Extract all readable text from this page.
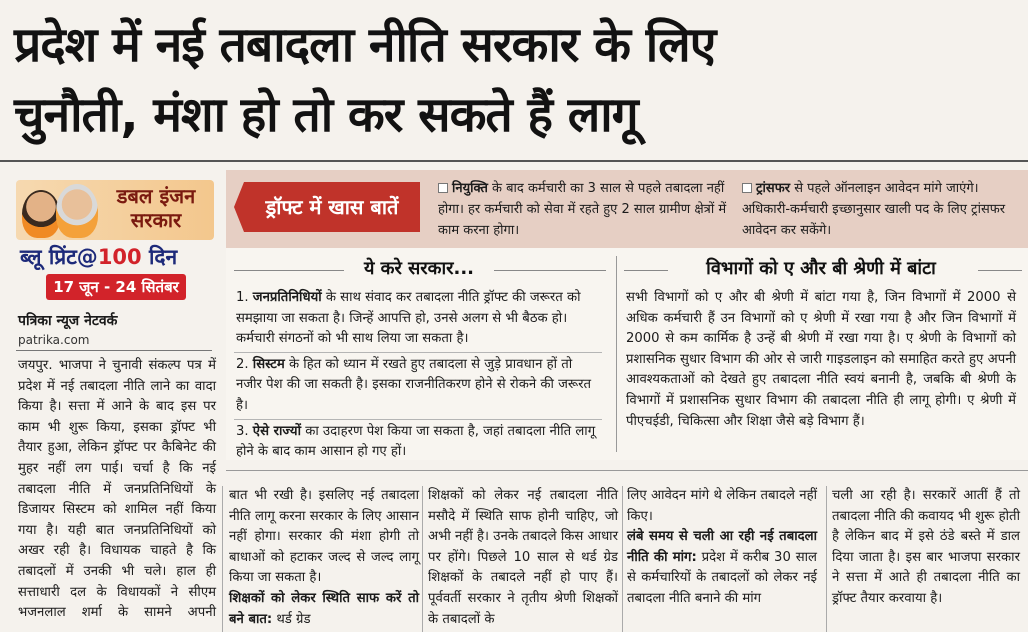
प्रदेश में नई तबादला नीति सरकार के लिए
चुनौती, मंशा हो तो कर सकते हैं लागू
डबल इंजन
सरकार
ब्लू प्रिंट@100 दिन
17 जून - 24 सितंबर
पत्रिका न्यूज नेटवर्क
patrika.com

जयपुर. भाजपा ने चुनावी संकल्प पत्र में प्रदेश में नई तबादला नीति लाने का वादा किया है। सत्ता में आने के बाद इस पर काम भी शुरू किया, इसका ड्रॉफ्ट भी तैयार हुआ, लेकिन ड्रॉफ्ट पर कैबिनेट की मुहर नहीं लग पाई। चर्चा है कि नई तबादला नीति में जनप्रतिनिधियों के डिजायर सिस्टम को शामिल नहीं किया गया है। यही बात जनप्रतिनिधियों को अखर रही है। विधायक चाहते है कि तबादलों में उनकी भी चले। हाल ही सत्ताधारी दल के विधायकों ने सीएम भजनलाल शर्मा के सामने अपनी

ड्रॉफ्ट में खास बातें
नियुक्ति के बाद कर्मचारी का 3 साल से पहले तबादला नहीं होगा। हर कर्मचारी को सेवा में रहते हुए 2 साल ग्रामीण क्षेत्रों में काम करना होगा।
ट्रांसफर से पहले ऑनलाइन आवेदन मांगे जाएंगे। अधिकारी-कर्मचारी इच्छानुसार खाली पद के लिए ट्रांसफर आवेदन कर सकेंगे।
ये करे सरकार...	विभागों को ए और बी श्रेणी में बांटा
1. जनप्रतिनिधियों के साथ संवाद कर तबादला नीति ड्रॉफ्ट की जरूरत को समझाया जा सकता है। जिन्हें आपत्ति हो, उनसे अलग से भी बैठक हो। कर्मचारी संगठनों को भी साथ लिया जा सकता है।
2. सिस्टम के हित को ध्यान में रखते हुए तबादला से जुड़े प्रावधान हों तो नजीर पेश की जा सकती है। इसका राजनीतिकरण होने से रोकने की जरूरत है।
3. ऐसे राज्यों का उदाहरण पेश किया जा सकता है, जहां तबादला नीति लागू होने के बाद काम आसान हो गए हों।
सभी विभागों को ए और बी श्रेणी में बांटा गया है, जिन विभागों में 2000 से अधिक कर्मचारी हैं उन विभागों को ए श्रेणी में रखा गया है और जिन विभागों में 2000 से कम कार्मिक है उन्हें बी श्रेणी में रखा गया है। ए श्रेणी के विभागों को प्रशासनिक सुधार विभाग की ओर से जारी गाइडलाइन को समाहित करते हुए अपनी आवश्यकताओं को देखते हुए तबादला नीति स्वयं बनानी है, जबकि बी श्रेणी के विभागों में प्रशासनिक सुधार विभाग की तबादला नीति ही लागू होगी। ए श्रेणी में पीएचईडी, चिकित्सा और शिक्षा जैसे बड़े विभाग हैं।
बात भी रखी है। इसलिए नई तबादला नीति लागू करना सरकार के लिए आसान नहीं होगा। सरकार की मंशा होगी तो बाधाओं को हटाकर जल्द से जल्द लागू किया जा सकता है।
शिक्षकों को लेकर स्थिति साफ करें तो बने बात: थर्ड ग्रेड
शिक्षकों को लेकर नई तबादला नीति मसौदे में स्थिति साफ होनी चाहिए, जो अभी नहीं है। उनके तबादले किस आधार पर होंगे। पिछले 10 साल से थर्ड ग्रेड शिक्षकों के तबादले नहीं हो पाए हैं। पूर्ववर्ती सरकार ने तृतीय श्रेणी शिक्षकों के तबादलों के
लिए आवेदन मांगे थे लेकिन तबादले नहीं किए।
लंबे समय से चली आ रही नई तबादला नीति की मांग: प्रदेश में करीब 30 साल से कर्मचारियों के तबादलों को लेकर नई तबादला नीति बनाने की मांग
चली आ रही है। सरकारें आतीं हैं तो तबादला नीति की कवायद भी शुरू होती है लेकिन बाद में इसे ठंडे बस्ते में डाल दिया जाता है। इस बार भाजपा सरकार ने सत्ता में आते ही तबादला नीति का ड्रॉफ्ट तैयार करवाया है।
